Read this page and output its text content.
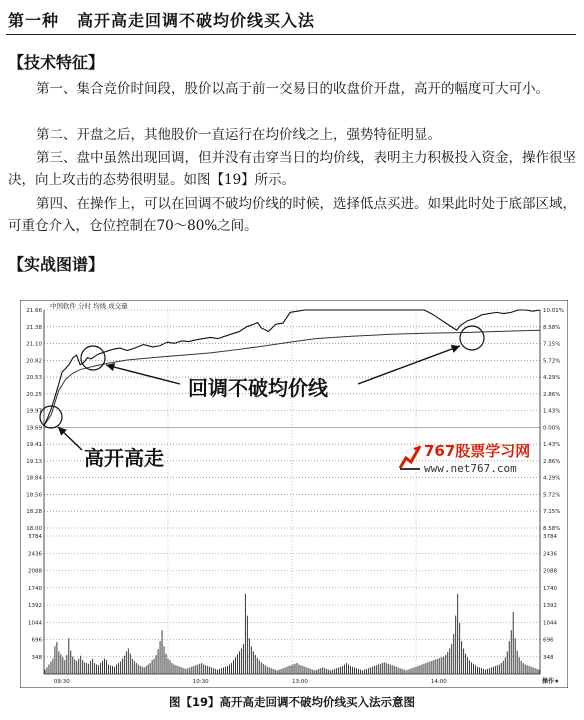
第一种 高开高走回调不破均价线买入法
【技术特征】
第一、集合竞价时间段，股价以高于前一交易日的收盘价开盘，高开的幅度可大可小。
第二、开盘之后，其他股价一直运行在均价线之上，强势特征明显。
第三、盘中虽然出现回调，但并没有击穿当日的均价线，表明主力积极投入资金，操作很坚决，向上攻击的态势很明显。如图【19】所示。
第四、在操作上，可以在回调不破均价线的时候，选择低点买进。如果此时处于底部区域，可重仓介入，仓位控制在70～80%之间。
【实战图谱】
中国软件 分时 均线 成交量
21.66	10.01%
21.38	8.58%
21.10	7.15%
20.82	5.72%
20.53	4.29%
20.25	2.86%
19.97	1.43%
19.69	0.00%
19.41	1.43%
19.13	2.86%
18.84	4.29%
18.56	5.72%
18.28	7.15%
18.00	8.58%
3784	3784
2436	2436
2088	2088
1740	1740
1392	1392
1044	1044
696	696
348	348
09:30	10:30	13:00	14:00	操作★
回调不破均价线
高开高走	767股票学习网
www.net767.com
图【19】高开高走回调不破均价线买入法示意图
